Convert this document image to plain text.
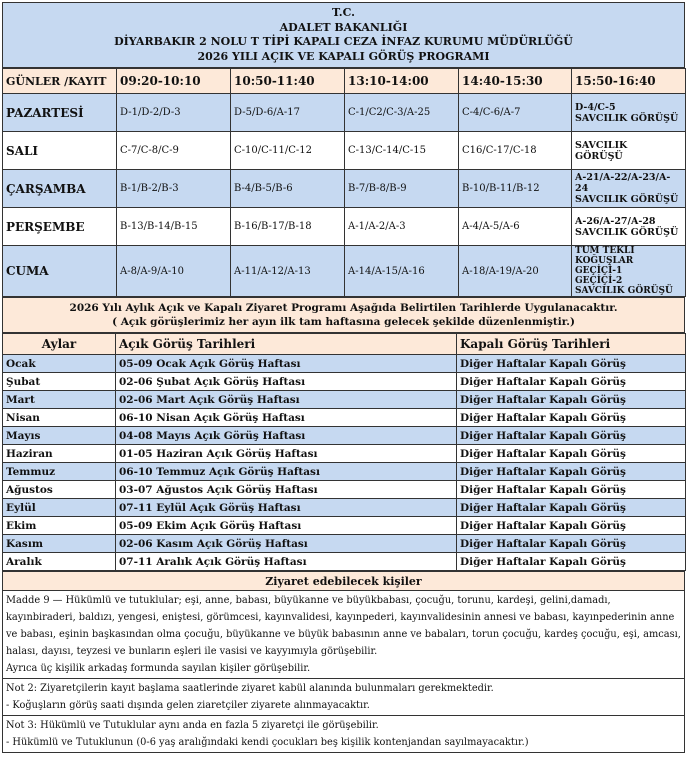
T.C.
ADALET BAKANLIĞI
DİYARBAKIR 2 NOLU T TİPİ KAPALI CEZA İNFAZ KURUMU MÜDÜRLÜĞÜ
2026 YILI AÇIK VE KAPALI GÖRÜŞ PROGRAMI
GÜNLER /KAYIT	09:20-10:10	10:50-11:40	13:10-14:00	14:40-15:30	15:50-16:40
PAZARTESİ	D-1/D-2/D-3	D-5/D-6/A-17	C-1/C2/C-3/A-25	C-4/C-6/A-7	D-4/C-5
SAVCILIK GÖRÜŞÜ

SALI	C-7/C-8/C-9	C-10/C-11/C-12	C-13/C-14/C-15	C16/C-17/C-18	SAVCILIK
GÖRÜŞÜ

ÇARŞAMBA	B-1/B-2/B-3	B-4/B-5/B-6	B-7/B-8/B-9	B-10/B-11/B-12	A-21/A-22/A-23/A-24
SAVCILIK GÖRÜŞÜ

PERŞEMBE	B-13/B-14/B-15	B-16/B-17/B-18	A-1/A-2/A-3	A-4/A-5/A-6	A-26/A-27/A-28
SAVCILIK GÖRÜŞÜ

CUMA	A-8/A-9/A-10	A-11/A-12/A-13	A-14/A-15/A-16	A-18/A-19/A-20	TÜM TEKLİ
KOĞUŞLAR GEÇİÇİ-1
GEÇİÇİ-2
SAVCILIK GÖRÜŞÜ
2026 Yılı Aylık Açık ve Kapalı Ziyaret Programı Aşağıda Belirtilen Tarihlerde Uygulanacaktır.
( Açık görüşlerimiz her ayın ilk tam haftasına gelecek şekilde düzenlenmiştir.)
Aylar	Açık Görüş Tarihleri	Kapalı Görüş Tarihleri
Ocak	05-09 Ocak Açık Görüş Haftası	Diğer Haftalar Kapalı Görüş
Şubat	02-06 Şubat Açık Görüş Haftası	Diğer Haftalar Kapalı Görüş
Mart	02-06 Mart Açık Görüş Haftası	Diğer Haftalar Kapalı Görüş
Nisan	06-10 Nisan Açık Görüş Haftası	Diğer Haftalar Kapalı Görüş
Mayıs	04-08 Mayıs Açık Görüş Haftası	Diğer Haftalar Kapalı Görüş
Haziran	01-05 Haziran Açık Görüş Haftası	Diğer Haftalar Kapalı Görüş
Temmuz	06-10 Temmuz Açık Görüş Haftası	Diğer Haftalar Kapalı Görüş
Ağustos	03-07 Ağustos Açık Görüş Haftası	Diğer Haftalar Kapalı Görüş
Eylül	07-11 Eylül Açık Görüş Haftası	Diğer Haftalar Kapalı Görüş
Ekim	05-09 Ekim Açık Görüş Haftası	Diğer Haftalar Kapalı Görüş
Kasım	02-06 Kasım Açık Görüş Haftası	Diğer Haftalar Kapalı Görüş
Aralık	07-11 Aralık Açık Görüş Haftası	Diğer Haftalar Kapalı Görüş
Ziyaret edebilecek kişiler

Madde 9 — Hükümlü ve tutuklular; eşi, anne, babası, büyükanne ve büyükbabası, çocuğu, torunu, kardeşi, gelini,damadı, kayınbiraderi, baldızı, yengesi, eniştesi, görümcesi, kayınvalidesi, kayınpederi, kayınvalidesinin annesi ve babası, kayınpederinin anne ve babası, eşinin başkasından olma çocuğu, büyükanne ve büyük babasının anne ve babaları, torun çocuğu, kardeş çocuğu, eşi, amcası, halası, dayısı, teyzesi ve bunların eşleri ile vasisi ve kayyımıyla görüşebilir.
Ayrıca üç kişilik arkadaş formunda sayılan kişiler görüşebilir.

Not 2: Ziyaretçilerin kayıt başlama saatlerinde ziyaret kabül alanında bulunmaları gerekmektedir.
- Koğuşların görüş saati dışında gelen ziaretçiler ziyarete alınmayacaktır.

Not 3: Hükümlü ve Tutuklular aynı anda en fazla 5 ziyaretçi ile görüşebilir.
- Hükümlü ve Tutuklunun (0-6 yaş aralığındaki kendi çocukları beş kişilik kontenjandan sayılmayacaktır.)
